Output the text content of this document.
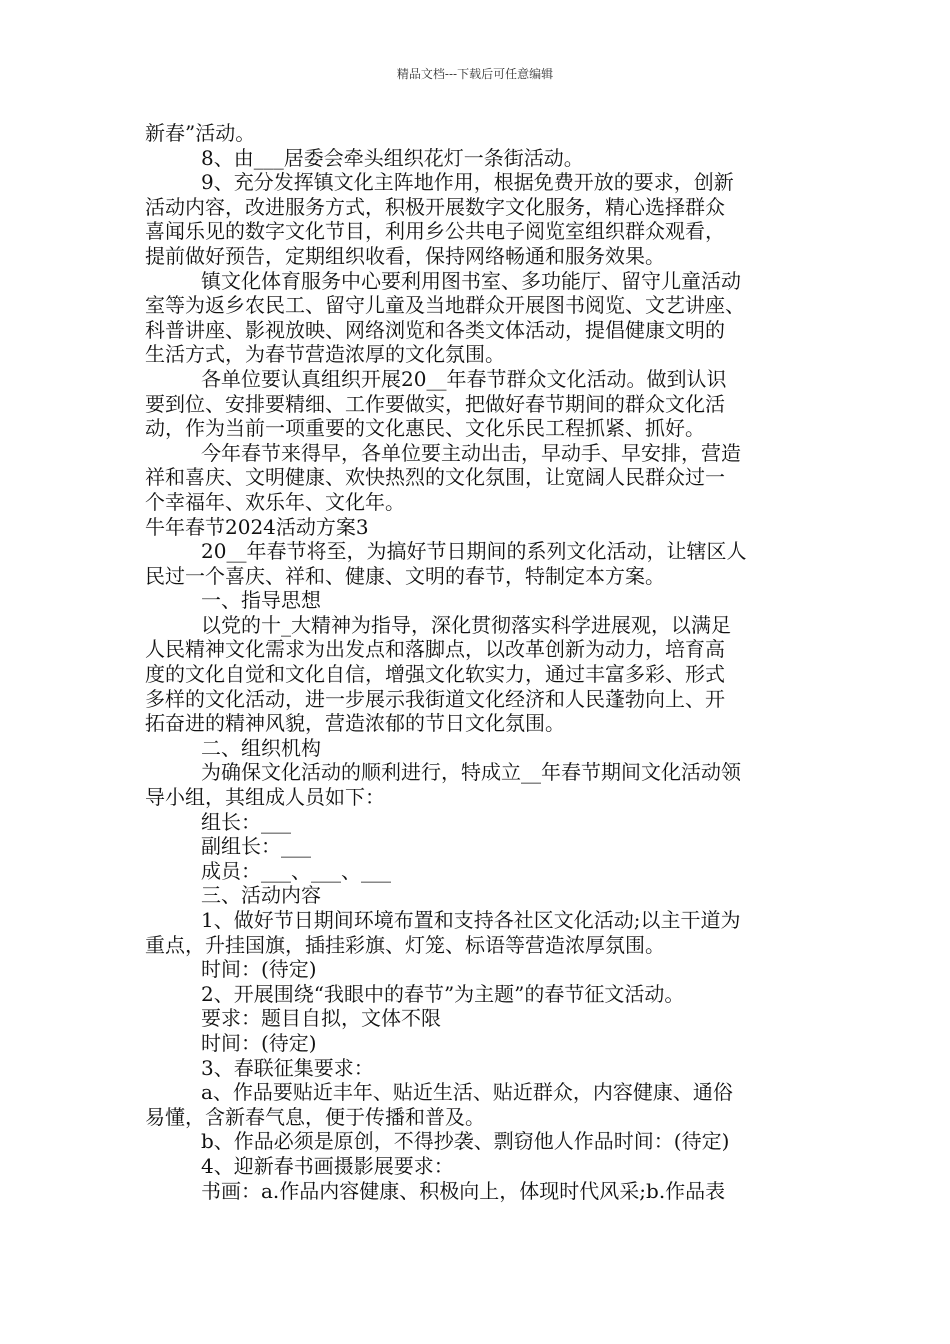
精品文档---下载后可任意编辑
新春”活动。
8、由___居委会牵头组织花灯一条街活动。
9、充分发挥镇文化主阵地作用，根据免费开放的要求，创新
活动内容，改进服务方式，积极开展数字文化服务，精心选择群众
喜闻乐见的数字文化节目，利用乡公共电子阅览室组织群众观看，
提前做好预告，定期组织收看，保持网络畅通和服务效果。
镇文化体育服务中心要利用图书室、多功能厅、留守儿童活动
室等为返乡农民工、留守儿童及当地群众开展图书阅览、文艺讲座、
科普讲座、影视放映、网络浏览和各类文体活动，提倡健康文明的
生活方式，为春节营造浓厚的文化氛围。
各单位要认真组织开展20__年春节群众文化活动。做到认识
要到位、安排要精细、工作要做实，把做好春节期间的群众文化活
动，作为当前一项重要的文化惠民、文化乐民工程抓紧、抓好。
今年春节来得早，各单位要主动出击，早动手、早安排，营造
祥和喜庆、文明健康、欢快热烈的文化氛围，让宽阔人民群众过一
个幸福年、欢乐年、文化年。
牛年春节2024活动方案3
20__年春节将至，为搞好节日期间的系列文化活动，让辖区人
民过一个喜庆、祥和、健康、文明的春节，特制定本方案。
一、指导思想
以党的十_大精神为指导，深化贯彻落实科学进展观，以满足
人民精神文化需求为出发点和落脚点，以改革创新为动力，培育高
度的文化自觉和文化自信，增强文化软实力，通过丰富多彩、形式
多样的文化活动，进一步展示我街道文化经济和人民蓬勃向上、开
拓奋进的精神风貌，营造浓郁的节日文化氛围。
二、组织机构
为确保文化活动的顺利进行，特成立__年春节期间文化活动领
导小组，其组成人员如下：
组长：___
副组长：___
成员：___、___、___
三、活动内容
1、做好节日期间环境布置和支持各社区文化活动;以主干道为
重点，升挂国旗，插挂彩旗、灯笼、标语等营造浓厚氛围。
时间：(待定)
2、开展围绕“我眼中的春节”为主题”的春节征文活动。
要求：题目自拟，文体不限
时间：(待定)
3、春联征集要求：
a、作品要贴近丰年、贴近生活、贴近群众，内容健康、通俗
易懂，含新春气息，便于传播和普及。
b、作品必须是原创，不得抄袭、剽窃他人作品时间：(待定)
4、迎新春书画摄影展要求：
书画：a.作品内容健康、积极向上，体现时代风采;b.作品表
